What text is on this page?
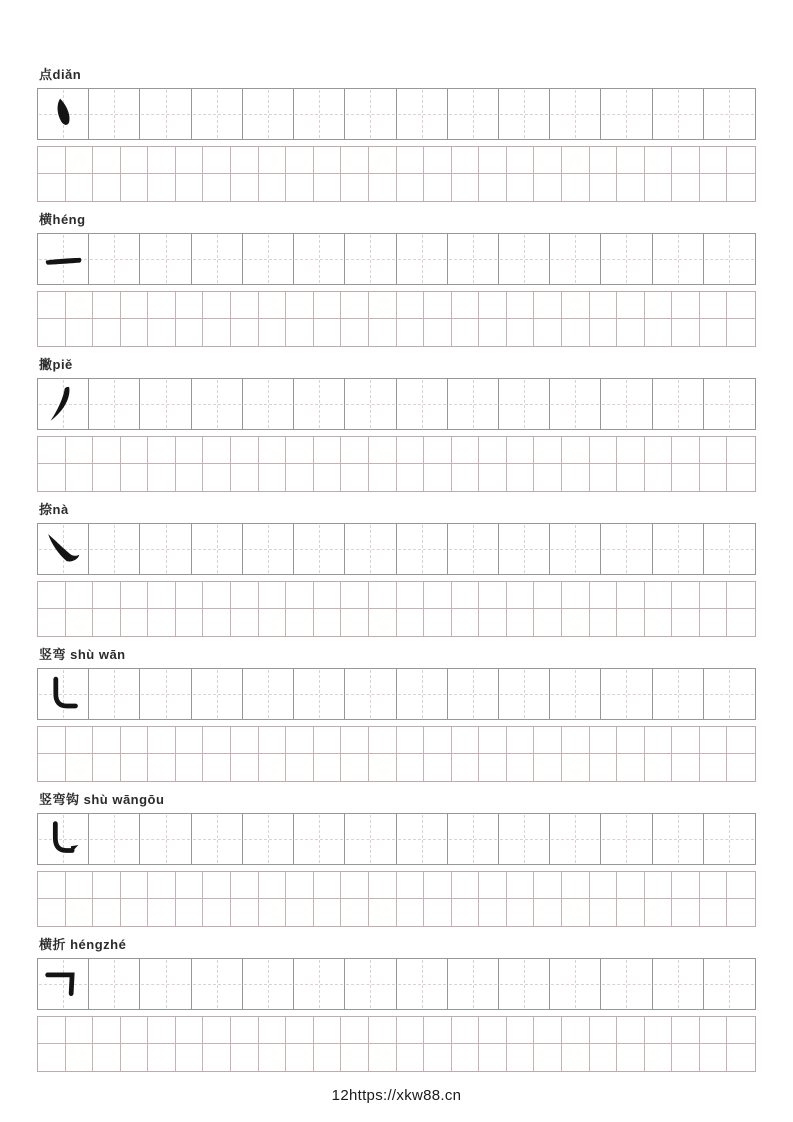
点diǎn
横héng
撇piě
捺nà
竖弯 shù wān
竖弯钩 shù wāngōu
横折 héngzhé
12https://xkw88.cn
